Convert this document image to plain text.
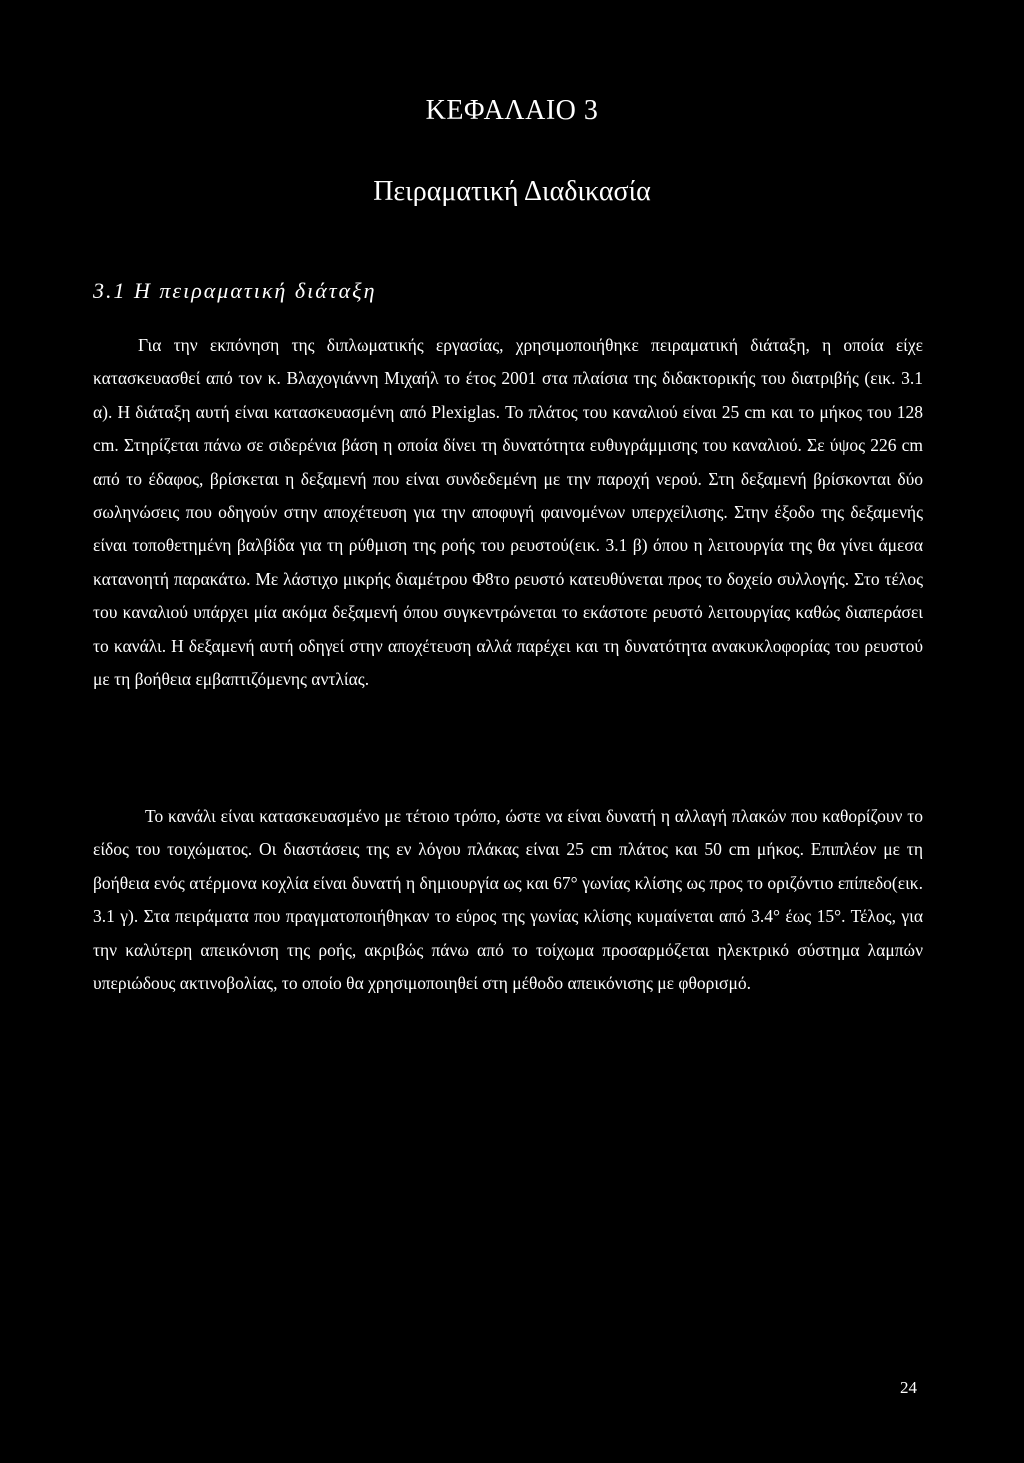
ΚΕΦΑΛΑΙΟ 3
Πειραματική Διαδικασία
3.1 Η πειραματική διάταξη

Για την εκπόνηση της διπλωματικής εργασίας, χρησιμοποιήθηκε πειραματική διάταξη, η οποία είχε κατασκευασθεί από τον κ. Βλαχογιάννη Μιχαήλ το έτος 2001 στα πλαίσια της διδακτορικής του διατριβής (εικ. 3.1 α). Η διάταξη αυτή είναι κατασκευασμένη από Plexiglas. Το πλάτος του καναλιού είναι 25 cm και το μήκος του 128 cm. Στηρίζεται πάνω σε σιδερένια βάση η οποία δίνει τη δυνατότητα ευθυγράμμισης του καναλιού. Σε ύψος 226 cm από το έδαφος, βρίσκεται η δεξαμενή που είναι συνδεδεμένη με την παροχή νερού. Στη δεξαμενή βρίσκονται δύο σωληνώσεις που οδηγούν στην αποχέτευση για την αποφυγή φαινομένων υπερχείλισης. Στην έξοδο της δεξαμενής είναι τοποθετημένη βαλβίδα για τη ρύθμιση της ροής του ρευστού(εικ. 3.1 β) όπου η λειτουργία της θα γίνει άμεσα κατανοητή παρακάτω. Με λάστιχο μικρής διαμέτρου Φ8το ρευστό κατευθύνεται προς το δοχείο συλλογής. Στο τέλος του καναλιού υπάρχει μία ακόμα δεξαμενή όπου συγκεντρώνεται το εκάστοτε ρευστό λειτουργίας καθώς διαπεράσει το κανάλι. Η δεξαμενή αυτή οδηγεί στην αποχέτευση αλλά παρέχει και τη δυνατότητα ανακυκλοφορίας του ρευστού με τη βοήθεια εμβαπτιζόμενης αντλίας.

Το κανάλι είναι κατασκευασμένο με τέτοιο τρόπο, ώστε να είναι δυνατή η αλλαγή πλακών που καθορίζουν το είδος του τοιχώματος. Οι διαστάσεις της εν λόγου πλάκας είναι 25 cm πλάτος και 50 cm μήκος. Επιπλέον με τη βοήθεια ενός ατέρμονα κοχλία είναι δυνατή η δημιουργία ως και 67° γωνίας κλίσης ως προς το οριζόντιο επίπεδο(εικ. 3.1 γ). Στα πειράματα που πραγματοποιήθηκαν το εύρος της γωνίας κλίσης κυμαίνεται από 3.4° έως 15°. Τέλος, για την καλύτερη απεικόνιση της ροής, ακριβώς πάνω από το τοίχωμα προσαρμόζεται ηλεκτρικό σύστημα λαμπών υπεριώδους ακτινοβολίας, το οποίο θα χρησιμοποιηθεί στη μέθοδο απεικόνισης με φθορισμό.

24
